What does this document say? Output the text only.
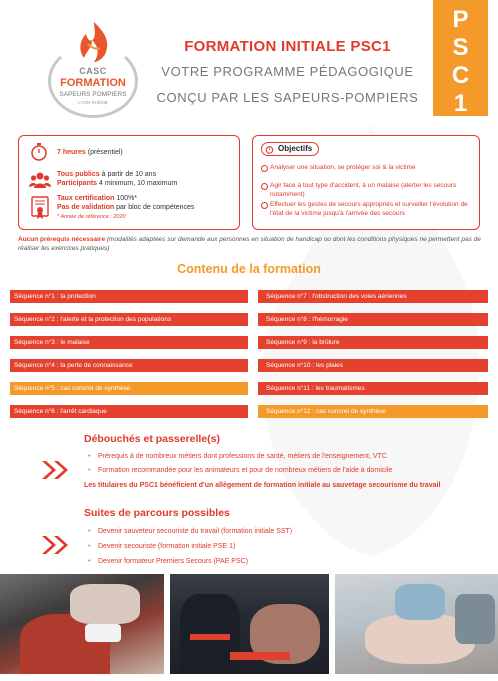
CASC
FORMATION
SAPEURS POMPIERS
LYON RHÔNE
FORMATION INITIALE PSC1
VOTRE PROGRAMME PÉDAGOGIQUE
CONÇU PAR LES SAPEURS-POMPIERS
P
S
C
1
7 heures (présentiel)
Tous publics à partir de 10 ans
Participants 4 minimum, 10 maximum
Taux certification 100%*
Pas de validation par bloc de compétences
* Année de référence : 2020
Objectifs
Analyser une situation, se protéger soi & la victime
Agir face à tout type d'accident, à un malaise (alerter les secours notamment)
Effectuer les gestes de secours appropriés et surveiller l'évolution de l'état de la victime jusqu'à l'arrivée des secours
Aucun prérequis nécessaire (modalités adaptées sur demande aux personnes en situation de handicap ou dont les conditions physiques ne permettent pas de réaliser les exercices pratiques)
Contenu de la formation
Séquence n°1 : la protection
Séquence n°2 : l'alerte et la protection des populations
Séquence n°3 : le malaise
Séquence n°4 : la perte de connaissance
Séquence n°5 : cas concret de synthèse
Séquence n°6 : l'arrêt cardiaque
Séquence n°7 : l'obstruction des voies aériennes
Séquence n°8 : l'hémorragie
Séquence n°9 : la brûlure
Séquence n°10 : les plaies
Séquence n°11 : les traumatismes
Séquence n°12 : cas concret de synthèse
Débouchés et passerelle(s)
• Prérequis à de nombreux métiers dont professions de santé, métiers de l'enseignement, VTC
• Formation recommandée pour les animateurs et pour de nombreux métiers de l'aide à domicile
Les titulaires du PSC1 bénéficient d'un allègement de formation initiale au sauvetage secourisme du travail
Suites de parcours possibles
• Devenir sauveteur secouriste du travail (formation initiale SST)
• Devenir secouriste (formation initiale PSE 1)
• Devenir formateur Premiers Secours (PAE PSC)
